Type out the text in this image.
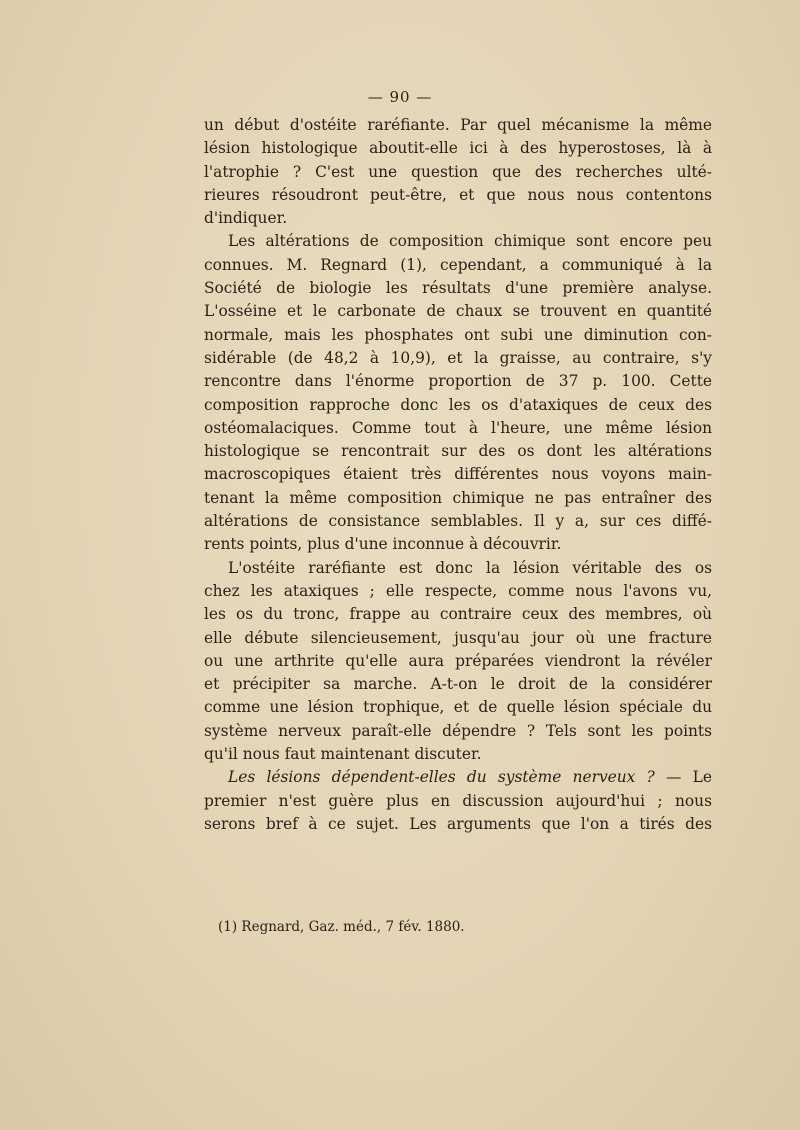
— 90 —
un début d'ostéite raréfiante. Par quel mécanisme la même
lésion histologique aboutit-elle ici à des hyperostoses, là à
l'atrophie ? C'est une question que des recherches ulté-
rieures résoudront peut-être, et que nous nous contentons
d'indiquer.
Les altérations de composition chimique sont encore peu
connues. M. Regnard (1), cependant, a communiqué à la
Société de biologie les résultats d'une première analyse.
L'osséine et le carbonate de chaux se trouvent en quantité
normale, mais les phosphates ont subi une diminution con-
sidérable (de 48,2 à 10,9), et la graisse, au contraire, s'y
rencontre dans l'énorme proportion de 37 p. 100. Cette
composition rapproche donc les os d'ataxiques de ceux des
ostéomalaciques. Comme tout à l'heure, une même lésion
histologique se rencontrait sur des os dont les altérations
macroscopiques étaient très différentes nous voyons main-
tenant la même composition chimique ne pas entraîner des
altérations de consistance semblables. Il y a, sur ces diffé-
rents points, plus d'une inconnue à découvrir.
L'ostéite raréfiante est donc la lésion véritable des os
chez les ataxiques ; elle respecte, comme nous l'avons vu,
les os du tronc, frappe au contraire ceux des membres, où
elle débute silencieusement, jusqu'au jour où une fracture
ou une arthrite qu'elle aura préparées viendront la révéler
et précipiter sa marche. A-t-on le droit de la considérer
comme une lésion trophique, et de quelle lésion spéciale du
système nerveux paraît-elle dépendre ? Tels sont les points
qu'il nous faut maintenant discuter.
Les lésions dépendent-elles du système nerveux ? — Le
premier n'est guère plus en discussion aujourd'hui ; nous
serons bref à ce sujet. Les arguments que l'on a tirés des
(1) Regnard, Gaz. méd., 7 fév. 1880.
